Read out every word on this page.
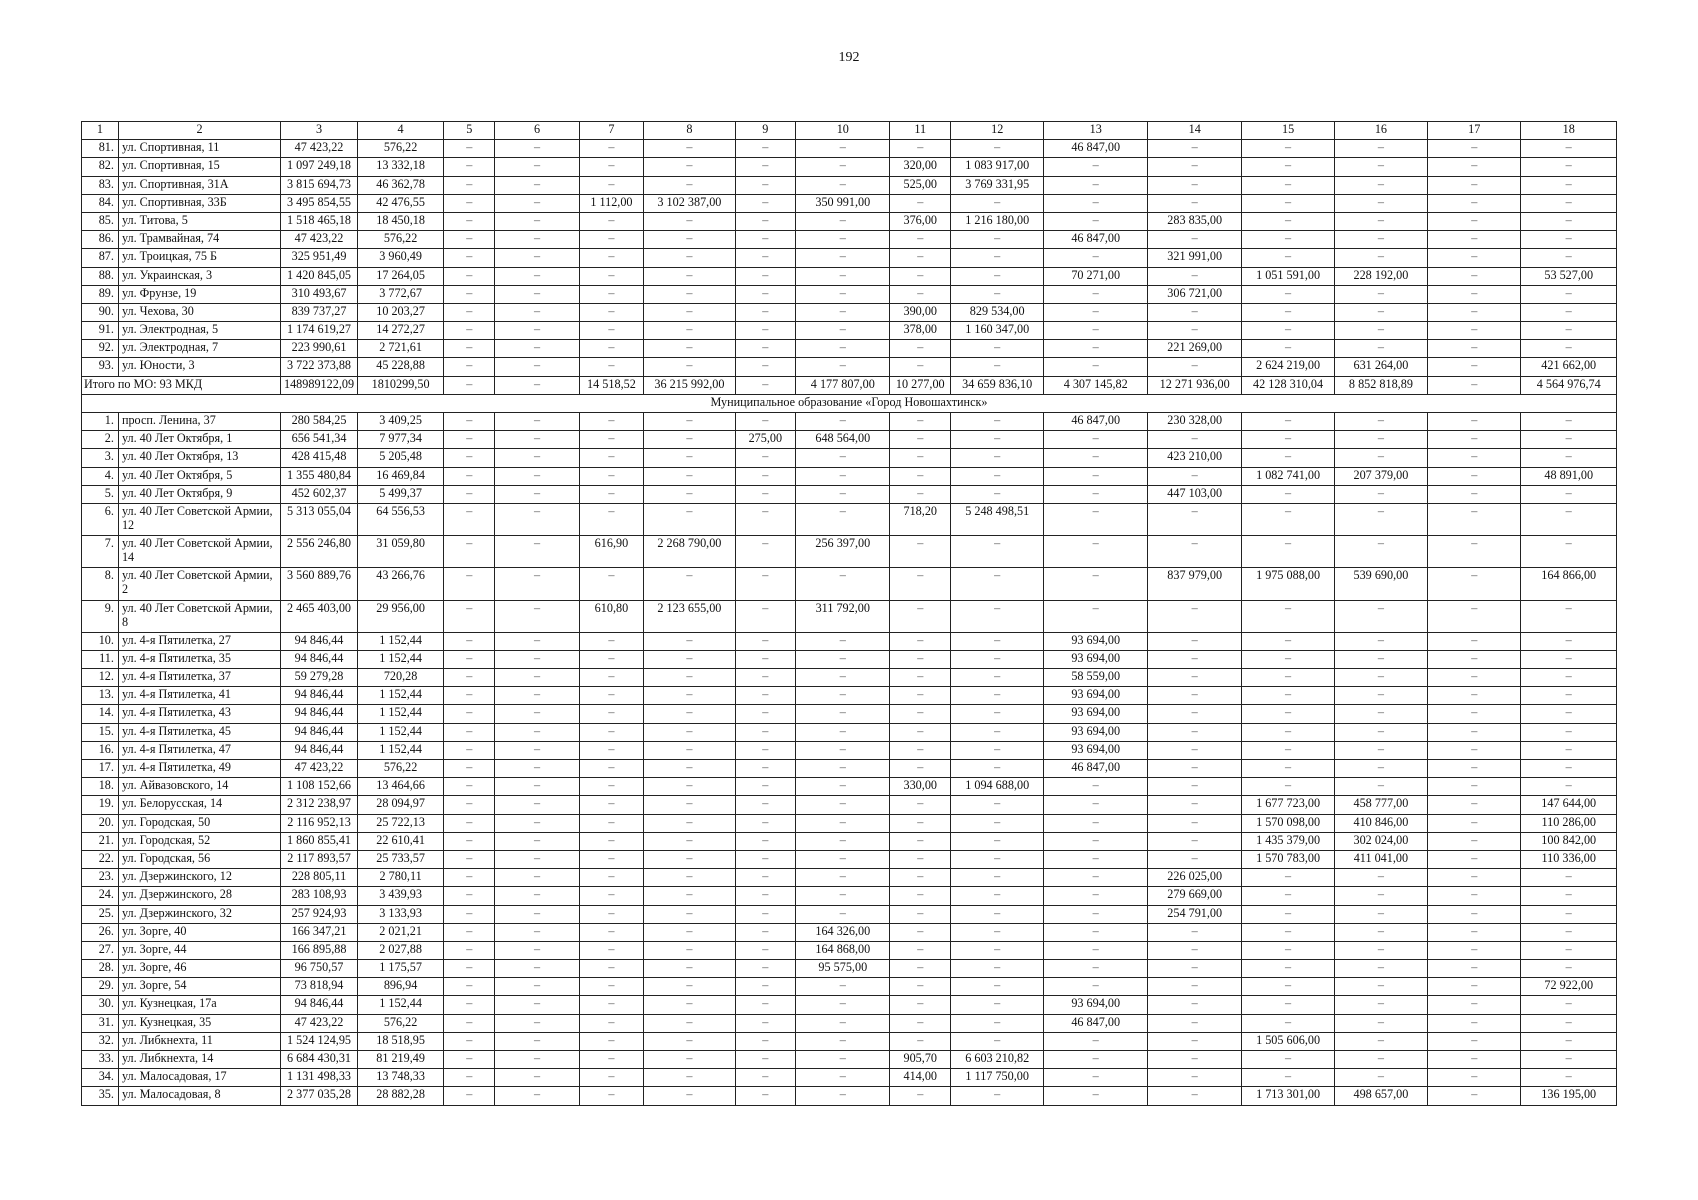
192
1	2	3	4	5	6	7	8	9	10	11	12	13	14	15	16	17	18
81.	ул. Спортивная, 11	47 423,22	576,22	–	–	–	–	–	–	–	–	46 847,00	–	–	–	–	–
82.	ул. Спортивная, 15	1 097 249,18	13 332,18	–	–	–	–	–	–	320,00	1 083 917,00	–	–	–	–	–	–
83.	ул. Спортивная, 31А	3 815 694,73	46 362,78	–	–	–	–	–	–	525,00	3 769 331,95	–	–	–	–	–	–
84.	ул. Спортивная, 33Б	3 495 854,55	42 476,55	–	–	1 112,00	3 102 387,00	–	350 991,00	–	–	–	–	–	–	–	–
85.	ул. Титова, 5	1 518 465,18	18 450,18	–	–	–	–	–	–	376,00	1 216 180,00	–	283 835,00	–	–	–	–
86.	ул. Трамвайная, 74	47 423,22	576,22	–	–	–	–	–	–	–	–	46 847,00	–	–	–	–	–
87.	ул. Троицкая, 75 Б	325 951,49	3 960,49	–	–	–	–	–	–	–	–	–	321 991,00	–	–	–	–
88.	ул. Украинская, 3	1 420 845,05	17 264,05	–	–	–	–	–	–	–	–	70 271,00	–	1 051 591,00	228 192,00	–	53 527,00
89.	ул. Фрунзе, 19	310 493,67	3 772,67	–	–	–	–	–	–	–	–	–	306 721,00	–	–	–	–
90.	ул. Чехова, 30	839 737,27	10 203,27	–	–	–	–	–	–	390,00	829 534,00	–	–	–	–	–	–
91.	ул. Электродная, 5	1 174 619,27	14 272,27	–	–	–	–	–	–	378,00	1 160 347,00	–	–	–	–	–	–
92.	ул. Электродная, 7	223 990,61	2 721,61	–	–	–	–	–	–	–	–	–	221 269,00	–	–	–	–
93.	ул. Юности, 3	3 722 373,88	45 228,88	–	–	–	–	–	–	–	–	–	–	2 624 219,00	631 264,00	–	421 662,00
Итого по МО: 93 МКД		148989122,09	1810299,50	–	–	14 518,52	36 215 992,00	–	4 177 807,00	10 277,00	34 659 836,10	4 307 145,82	12 271 936,00	42 128 310,04	8 852 818,89	–	4 564 976,74
Муниципальное образование «Город Новошахтинск»																	
1.	просп. Ленина, 37	280 584,25	3 409,25	–	–	–	–	–	–	–	–	46 847,00	230 328,00	–	–	–	–
2.	ул. 40 Лет Октября, 1	656 541,34	7 977,34	–	–	–	–	275,00	648 564,00	–	–	–	–	–	–	–	–
3.	ул. 40 Лет Октября, 13	428 415,48	5 205,48	–	–	–	–	–	–	–	–	–	423 210,00	–	–	–	–
4.	ул. 40 Лет Октября, 5	1 355 480,84	16 469,84	–	–	–	–	–	–	–	–	–	–	1 082 741,00	207 379,00	–	48 891,00
5.	ул. 40 Лет Октября, 9	452 602,37	5 499,37	–	–	–	–	–	–	–	–	–	447 103,00	–	–	–	–
6.	ул. 40 Лет Советской Армии, 12	5 313 055,04	64 556,53	–	–	–	–	–	–	718,20	5 248 498,51	–	–	–	–	–	–
7.	ул. 40 Лет Советской Армии, 14	2 556 246,80	31 059,80	–	–	616,90	2 268 790,00	–	256 397,00	–	–	–	–	–	–	–	–
8.	ул. 40 Лет Советской Армии, 2	3 560 889,76	43 266,76	–	–	–	–	–	–	–	–	–	837 979,00	1 975 088,00	539 690,00	–	164 866,00
9.	ул. 40 Лет Советской Армии, 8	2 465 403,00	29 956,00	–	–	610,80	2 123 655,00	–	311 792,00	–	–	–	–	–	–	–	–
10.	ул. 4-я Пятилетка, 27	94 846,44	1 152,44	–	–	–	–	–	–	–	–	93 694,00	–	–	–	–	–
11.	ул. 4-я Пятилетка, 35	94 846,44	1 152,44	–	–	–	–	–	–	–	–	93 694,00	–	–	–	–	–
12.	ул. 4-я Пятилетка, 37	59 279,28	720,28	–	–	–	–	–	–	–	–	58 559,00	–	–	–	–	–
13.	ул. 4-я Пятилетка, 41	94 846,44	1 152,44	–	–	–	–	–	–	–	–	93 694,00	–	–	–	–	–
14.	ул. 4-я Пятилетка, 43	94 846,44	1 152,44	–	–	–	–	–	–	–	–	93 694,00	–	–	–	–	–
15.	ул. 4-я Пятилетка, 45	94 846,44	1 152,44	–	–	–	–	–	–	–	–	93 694,00	–	–	–	–	–
16.	ул. 4-я Пятилетка, 47	94 846,44	1 152,44	–	–	–	–	–	–	–	–	93 694,00	–	–	–	–	–
17.	ул. 4-я Пятилетка, 49	47 423,22	576,22	–	–	–	–	–	–	–	–	46 847,00	–	–	–	–	–
18.	ул. Айвазовского, 14	1 108 152,66	13 464,66	–	–	–	–	–	–	330,00	1 094 688,00	–	–	–	–	–	–
19.	ул. Белорусская, 14	2 312 238,97	28 094,97	–	–	–	–	–	–	–	–	–	–	1 677 723,00	458 777,00	–	147 644,00
20.	ул. Городская, 50	2 116 952,13	25 722,13	–	–	–	–	–	–	–	–	–	–	1 570 098,00	410 846,00	–	110 286,00
21.	ул. Городская, 52	1 860 855,41	22 610,41	–	–	–	–	–	–	–	–	–	–	1 435 379,00	302 024,00	–	100 842,00
22.	ул. Городская, 56	2 117 893,57	25 733,57	–	–	–	–	–	–	–	–	–	–	1 570 783,00	411 041,00	–	110 336,00
23.	ул. Дзержинского, 12	228 805,11	2 780,11	–	–	–	–	–	–	–	–	–	226 025,00	–	–	–	–
24.	ул. Дзержинского, 28	283 108,93	3 439,93	–	–	–	–	–	–	–	–	–	279 669,00	–	–	–	–
25.	ул. Дзержинского, 32	257 924,93	3 133,93	–	–	–	–	–	–	–	–	–	254 791,00	–	–	–	–
26.	ул. Зорге, 40	166 347,21	2 021,21	–	–	–	–	–	164 326,00	–	–	–	–	–	–	–	–
27.	ул. Зорге, 44	166 895,88	2 027,88	–	–	–	–	–	164 868,00	–	–	–	–	–	–	–	–
28.	ул. Зорге, 46	96 750,57	1 175,57	–	–	–	–	–	95 575,00	–	–	–	–	–	–	–	–
29.	ул. Зорге, 54	73 818,94	896,94	–	–	–	–	–	–	–	–	–	–	–	–	–	72 922,00
30.	ул. Кузнецкая, 17а	94 846,44	1 152,44	–	–	–	–	–	–	–	–	93 694,00	–	–	–	–	–
31.	ул. Кузнецкая, 35	47 423,22	576,22	–	–	–	–	–	–	–	–	46 847,00	–	–	–	–	–
32.	ул. Либкнехта, 11	1 524 124,95	18 518,95	–	–	–	–	–	–	–	–	–	–	1 505 606,00	–	–	–
33.	ул. Либкнехта, 14	6 684 430,31	81 219,49	–	–	–	–	–	–	905,70	6 603 210,82	–	–	–	–	–	–
34.	ул. Малосадовая, 17	1 131 498,33	13 748,33	–	–	–	–	–	–	414,00	1 117 750,00	–	–	–	–	–	–
35.	ул. Малосадовая, 8	2 377 035,28	28 882,28	–	–	–	–	–	–	–	–	–	–	1 713 301,00	498 657,00	–	136 195,00
